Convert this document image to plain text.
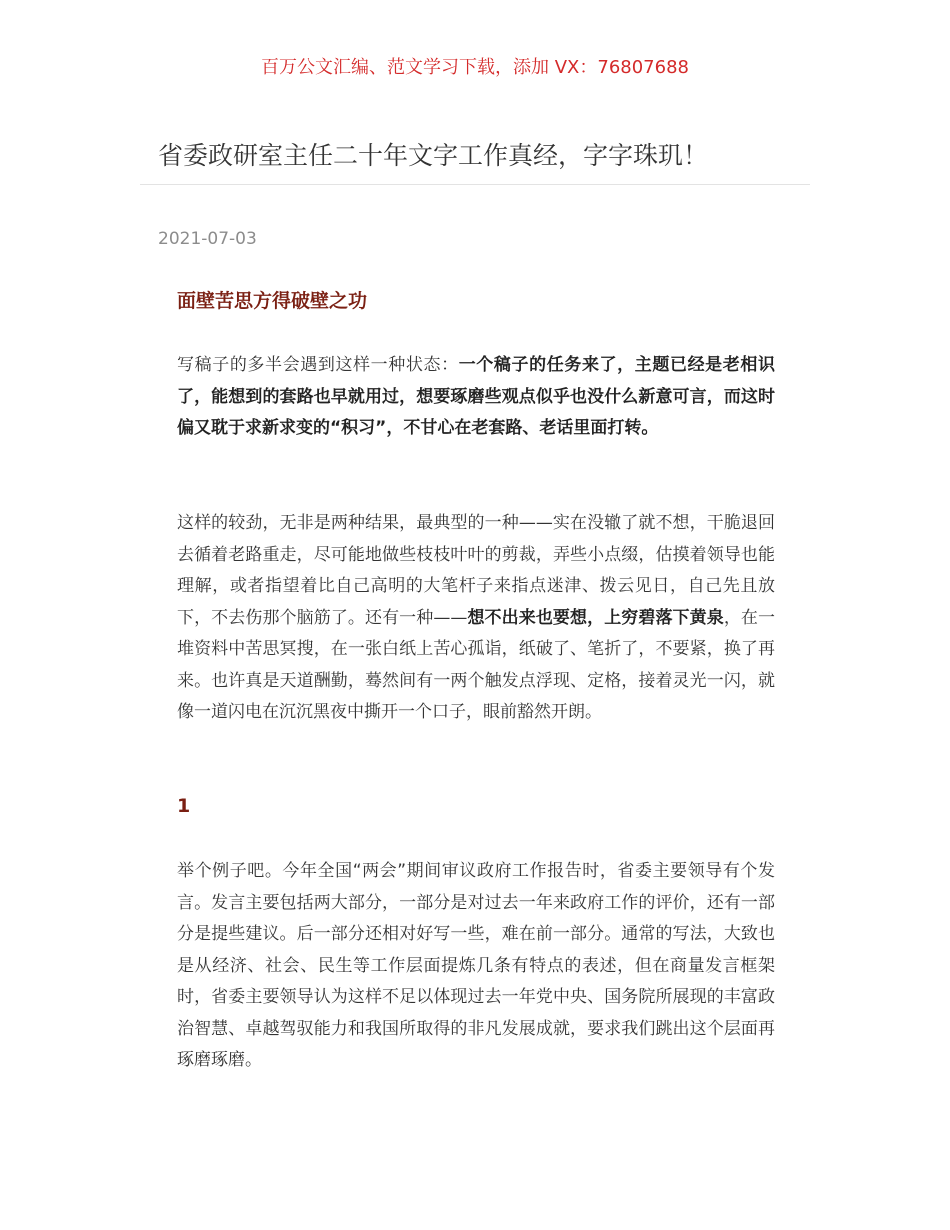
百万公文汇编、范文学习下载，添加 VX：76807688
省委政研室主任二十年文字工作真经，字字珠玑！
2021-07-03
面壁苦思方得破壁之功

写稿子的多半会遇到这样一种状态：一个稿子的任务来了，主题已经是老相识了，能想到的套路也早就用过，想要琢磨些观点似乎也没什么新意可言，而这时偏又耽于求新求变的“积习”，不甘心在老套路、老话里面打转。

这样的较劲，无非是两种结果，最典型的一种——实在没辙了就不想，干脆退回去循着老路重走，尽可能地做些枝枝叶叶的剪裁，弄些小点缀，估摸着领导也能理解，或者指望着比自己高明的大笔杆子来指点迷津、拨云见日，自己先且放下，不去伤那个脑筋了。还有一种——想不出来也要想，上穷碧落下黄泉，在一堆资料中苦思冥搜，在一张白纸上苦心孤诣，纸破了、笔折了，不要紧，换了再来。也许真是天道酬勤，蓦然间有一两个触发点浮现、定格，接着灵光一闪，就像一道闪电在沉沉黑夜中撕开一个口子，眼前豁然开朗。

1

举个例子吧。今年全国“两会”期间审议政府工作报告时，省委主要领导有个发言。发言主要包括两大部分，一部分是对过去一年来政府工作的评价，还有一部分是提些建议。后一部分还相对好写一些，难在前一部分。通常的写法，大致也是从经济、社会、民生等工作层面提炼几条有特点的表述，但在商量发言框架时，省委主要领导认为这样不足以体现过去一年党中央、国务院所展现的丰富政治智慧、卓越驾驭能力和我国所取得的非凡发展成就，要求我们跳出这个层面再琢磨琢磨。
